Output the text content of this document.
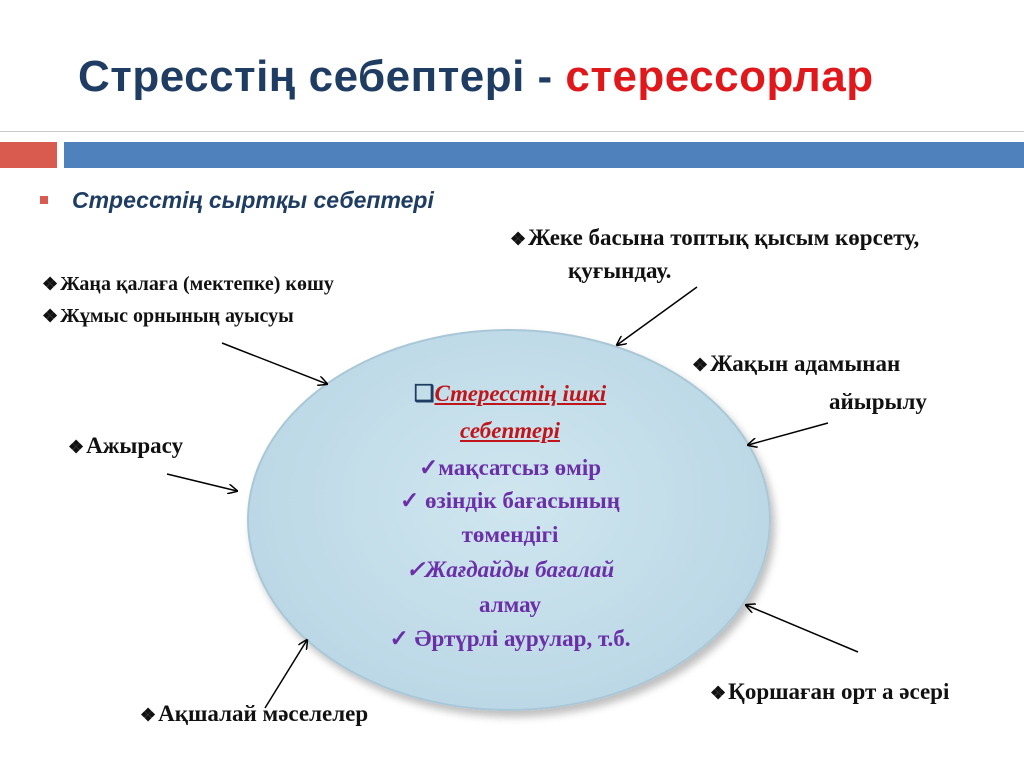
Стресстің себептері - стерессорлар
Стресстің сыртқы себептері
❖Жеке басына топтық қысым көрсету,
қуғындау.
❖ Жаңа қалаға (мектепке) көшу
❖ Жұмыс орнының ауысуы
❖Жақын адамынан
айырылу
❖Ажырасу
❖Ақшалай мәселелер
❖Қоршаған орт а әсері
❑Стересстің ішкі
себептері
✓мақсатсыз өмір
✓ өзіндік бағасының
төмендігі
✓Жағдайды бағалай
алмау
✓ Әртүрлі аурулар, т.б.
